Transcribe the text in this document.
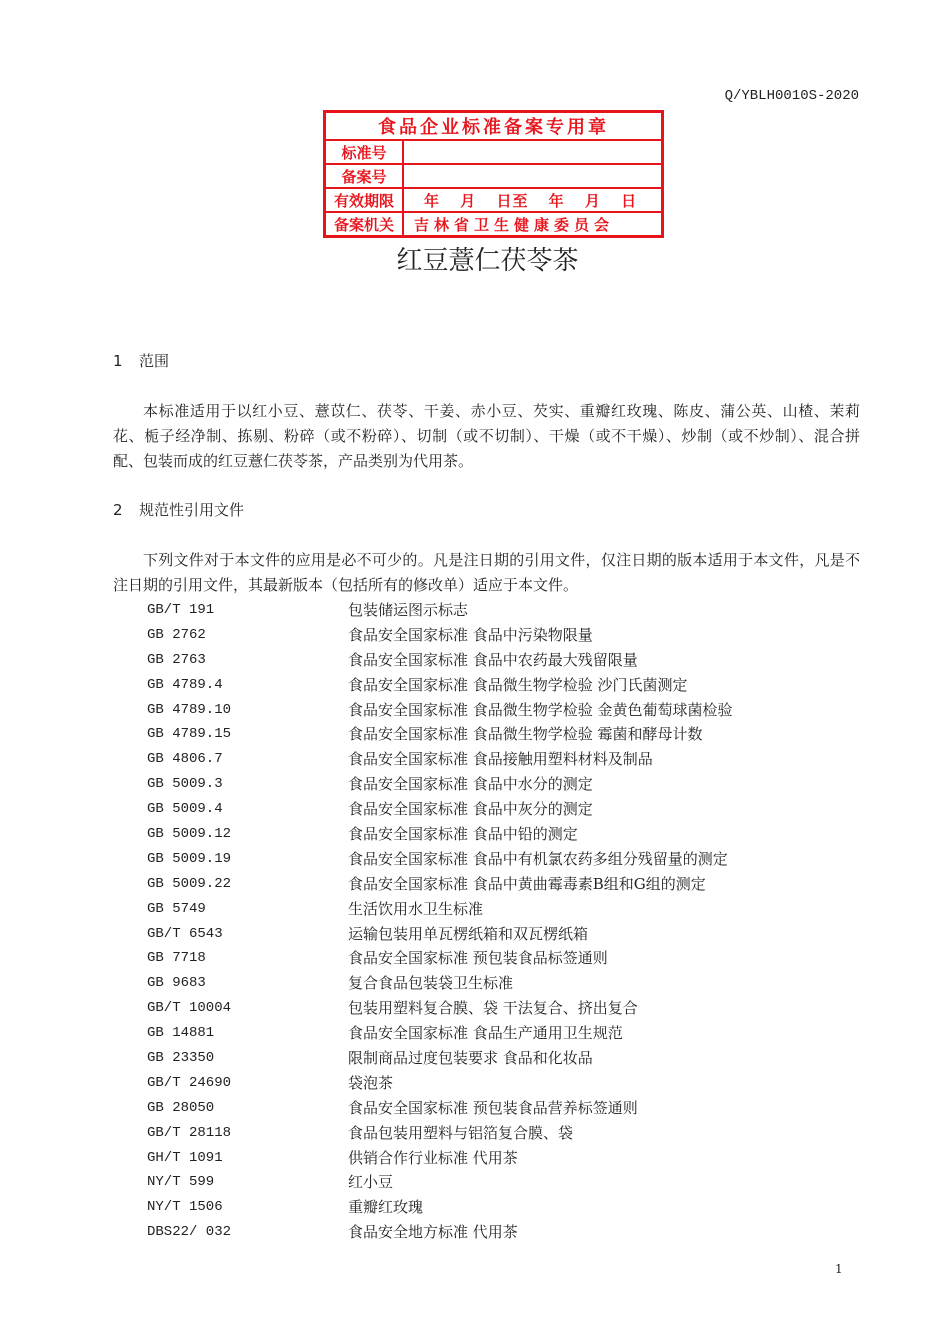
Q/YBLH0010S-2020
食品企业标准备案专用章
标准号
备案号
有效期限	年 月 日至 年 月 日
备案机关	吉林省卫生健康委员会
红豆薏仁茯苓茶
1 范围
本标准适用于以红小豆、薏苡仁、茯苓、干姜、赤小豆、芡实、重瓣红玫瑰、陈皮、蒲公英、山楂、茉莉花、栀子经净制、拣剔、粉碎（或不粉碎）、切制（或不切制）、干燥（或不干燥）、炒制（或不炒制）、混合拼配、包装而成的红豆薏仁茯苓茶，产品类别为代用茶。
2 规范性引用文件
下列文件对于本文件的应用是必不可少的。凡是注日期的引用文件，仅注日期的版本适用于本文件，凡是不注日期的引用文件，其最新版本（包括所有的修改单）适应于本文件。
GB/T 191	包装储运图示标志
GB 2762	食品安全国家标准 食品中污染物限量
GB 2763	食品安全国家标准 食品中农药最大残留限量
GB 4789.4	食品安全国家标准 食品微生物学检验 沙门氏菌测定
GB 4789.10	食品安全国家标准 食品微生物学检验 金黄色葡萄球菌检验
GB 4789.15	食品安全国家标准 食品微生物学检验 霉菌和酵母计数
GB 4806.7	食品安全国家标准 食品接触用塑料材料及制品
GB 5009.3	食品安全国家标准 食品中水分的测定
GB 5009.4	食品安全国家标准 食品中灰分的测定
GB 5009.12	食品安全国家标准 食品中铅的测定
GB 5009.19	食品安全国家标准 食品中有机氯农药多组分残留量的测定
GB 5009.22	食品安全国家标准 食品中黄曲霉毒素B组和G组的测定
GB 5749	生活饮用水卫生标准
GB/T 6543	运输包装用单瓦楞纸箱和双瓦楞纸箱
GB 7718	食品安全国家标准 预包装食品标签通则
GB 9683	复合食品包装袋卫生标准
GB/T 10004	包装用塑料复合膜、袋 干法复合、挤出复合
GB 14881	食品安全国家标准 食品生产通用卫生规范
GB 23350	限制商品过度包装要求 食品和化妆品
GB/T 24690	袋泡茶
GB 28050	食品安全国家标准 预包装食品营养标签通则
GB/T 28118	食品包装用塑料与铝箔复合膜、袋
GH/T 1091	供销合作行业标准 代用茶
NY/T 599	红小豆
NY/T 1506	重瓣红玫瑰
DBS22/ 032	食品安全地方标准 代用茶
1
